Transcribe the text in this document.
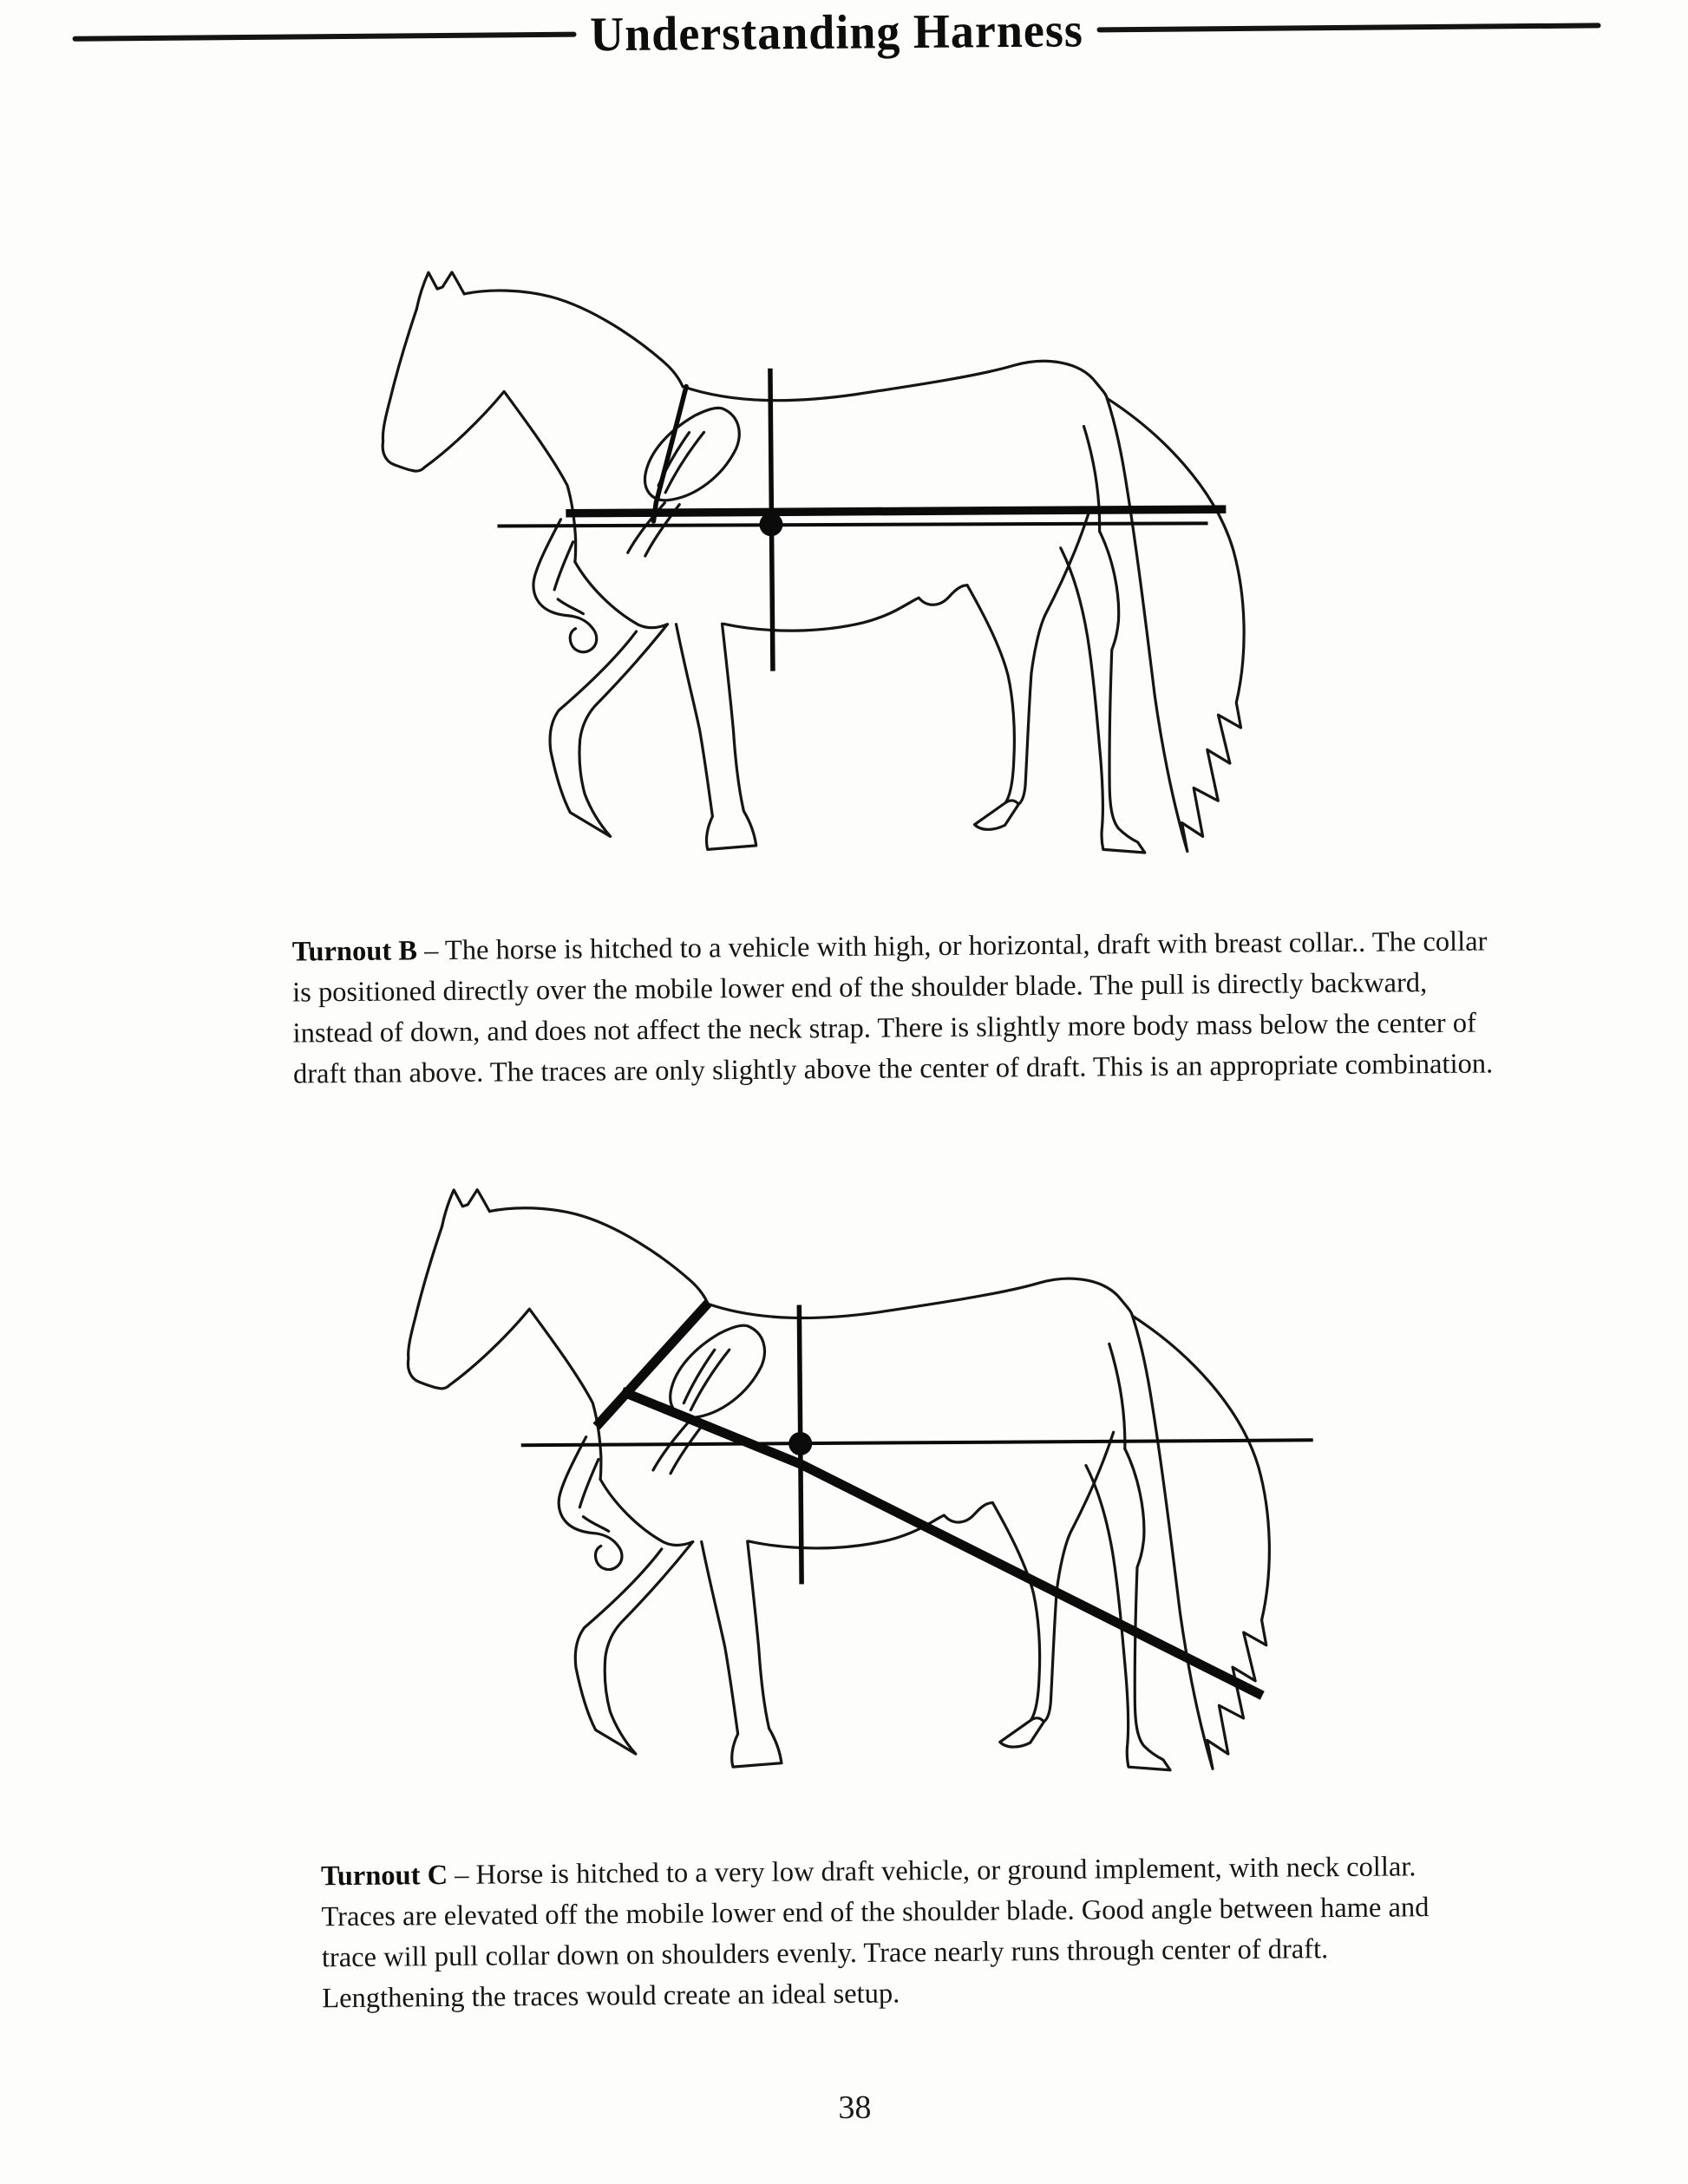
Understanding Harness

Turnout B – The horse is hitched to a vehicle with high, or horizontal, draft with breast collar.. The collar is positioned directly over the mobile lower end of the shoulder blade. The pull is directly backward, instead of down, and does not affect the neck strap. There is slightly more body mass below the center of draft than above. The traces are only slightly above the center of draft. This is an appropriate combination.

Turnout C – Horse is hitched to a very low draft vehicle, or ground implement, with neck collar. Traces are elevated off the mobile lower end of the shoulder blade. Good angle between hame and trace will pull collar down on shoulders evenly. Trace nearly runs through center of draft. Lengthening the traces would create an ideal setup.

38
